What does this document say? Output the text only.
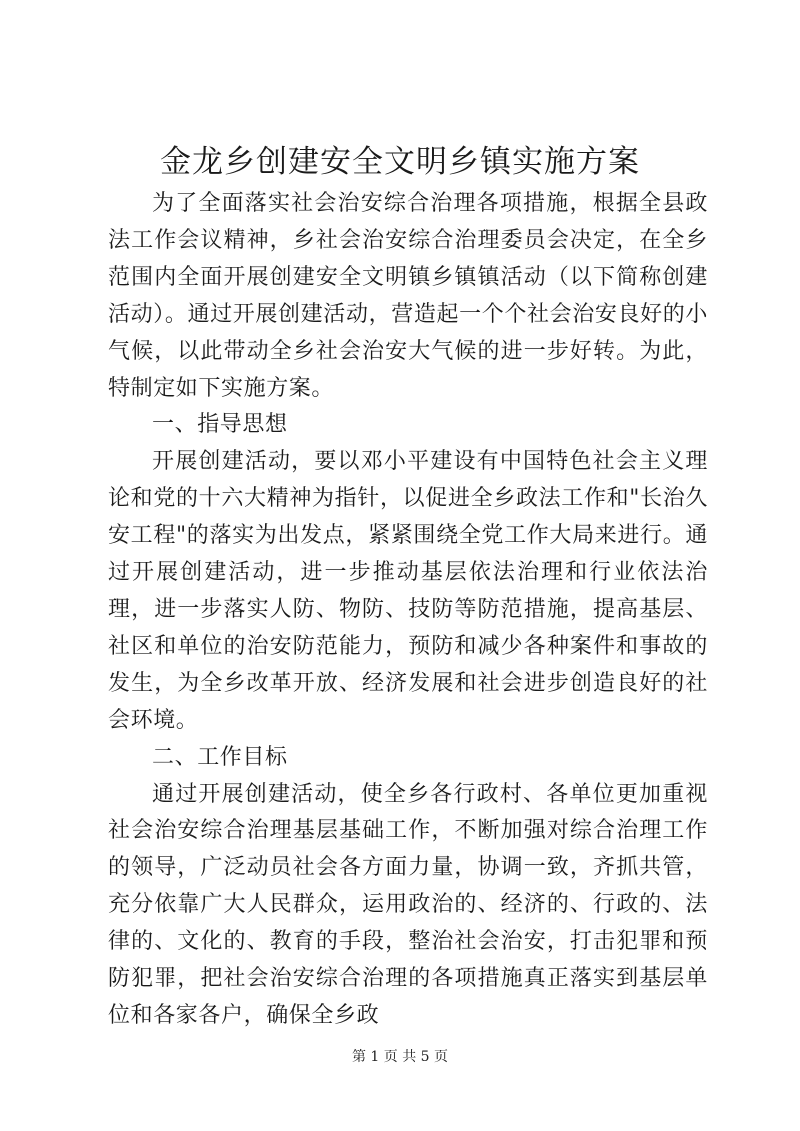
金龙乡创建安全文明乡镇实施方案

为了全面落实社会治安综合治理各项措施，根据全县政法工作会议精神，乡社会治安综合治理委员会决定，在全乡范围内全面开展创建安全文明镇乡镇镇活动（以下简称创建活动）。通过开展创建活动，营造起一个个社会治安良好的小气候，以此带动全乡社会治安大气候的进一步好转。为此，特制定如下实施方案。

一、指导思想

开展创建活动，要以邓小平建设有中国特色社会主义理论和党的十六大精神为指针，以促进全乡政法工作和"长治久安工程"的落实为出发点，紧紧围绕全党工作大局来进行。通过开展创建活动，进一步推动基层依法治理和行业依法治理，进一步落实人防、物防、技防等防范措施，提高基层、社区和单位的治安防范能力，预防和减少各种案件和事故的发生，为全乡改革开放、经济发展和社会进步创造良好的社会环境。

二、工作目标

通过开展创建活动，使全乡各行政村、各单位更加重视社会治安综合治理基层基础工作，不断加强对综合治理工作的领导，广泛动员社会各方面力量，协调一致，齐抓共管，充分依靠广大人民群众，运用政治的、经济的、行政的、法律的、文化的、教育的手段，整治社会治安，打击犯罪和预防犯罪，把社会治安综合治理的各项措施真正落实到基层单位和各家各户，确保全乡政

第 1 页 共 5 页
